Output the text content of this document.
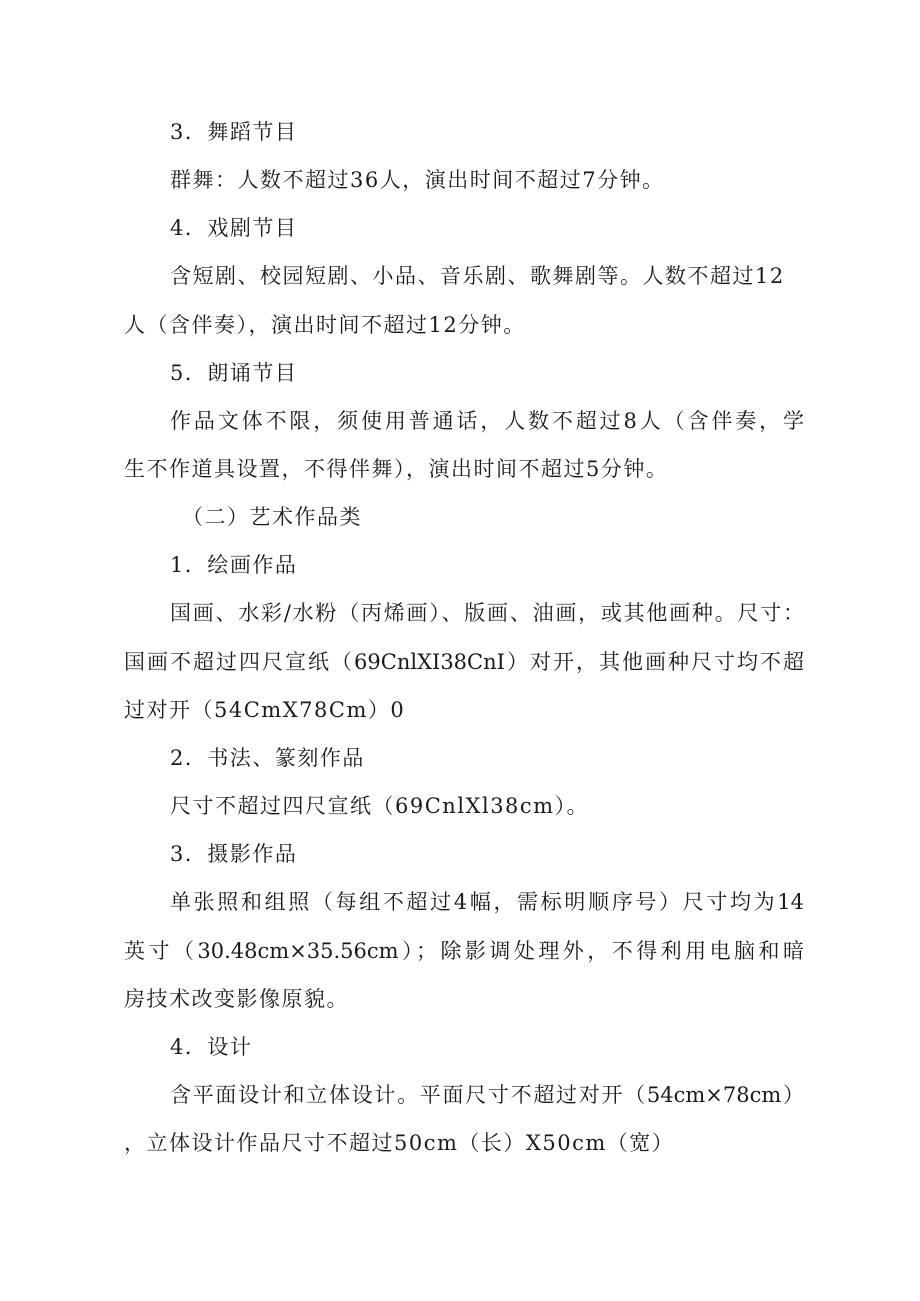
3．舞蹈节目
群舞：人数不超过36人，演出时间不超过7分钟。
4．戏剧节目
含短剧、校园短剧、小品、音乐剧、歌舞剧等。人数不超过12
人（含伴奏），演出时间不超过12分钟。
5．朗诵节目
作品文体不限，须使用普通话，人数不超过8人（含伴奏，学
生不作道具设置，不得伴舞），演出时间不超过5分钟。
（二）艺术作品类
1．绘画作品
国画、水彩/水粉（丙烯画）、版画、油画，或其他画种。尺寸：
国画不超过四尺宣纸（69CnlXI38CnI）对开，其他画种尺寸均不超
过对开（54CmX78Cm）0
2．书法、篆刻作品
尺寸不超过四尺宣纸（69CnlXl38cm）。
3．摄影作品
单张照和组照（每组不超过4幅，需标明顺序号）尺寸均为14
英寸（30.48cm×35.56cm）；除影调处理外，不得利用电脑和暗
房技术改变影像原貌。
4．设计
含平面设计和立体设计。平面尺寸不超过对开（54cm×78cm）
，立体设计作品尺寸不超过50cm（长）X50cm（宽）
